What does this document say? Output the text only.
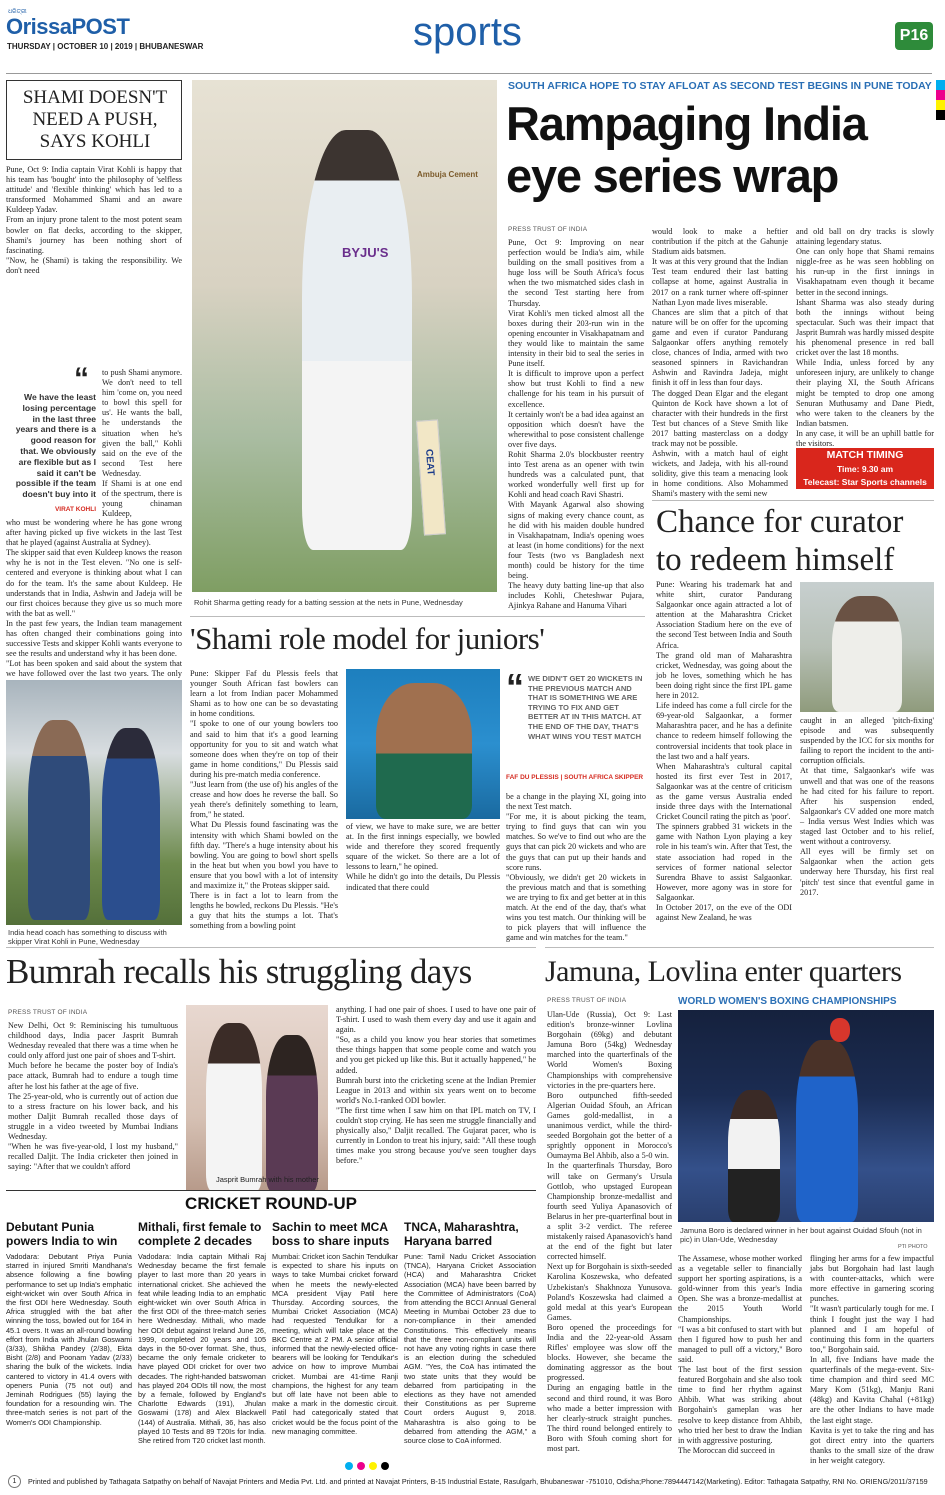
ଧରିତ୍ରୀ
OrissaPOST
THURSDAY | OCTOBER 10 | 2019 | BHUBANESWAR	sports	P16
SHAMI DOESN'T NEED A PUSH, SAYS KOHLI
Pune, Oct 9: India captain Virat Kohli is happy that his team has 'bought' into the philosophy of 'selfless attitude' and 'flexible thinking' which has led to a transformed Mohammed Shami and an aware Kuldeep Yadav.
From an injury prone talent to the most potent seam bowler on flat decks, according to the skipper, Shami's journey has been nothing short of fascinating.
"Now, he (Shami) is taking the responsibility. We don't need
“
We have the least losing percentage in the last three years and there is a good reason for that. We obviously are flexible but as I said it can't be possible if the team doesn't buy into it
VIRAT KOHLI
to push Shami anymore. We don't need to tell him 'come on, you need to bowl this spell for us'. He wants the ball, he understands the situation when he's given the ball," Kohli said on the eve of the second Test here Wednesday.
If Shami is at one end of the spectrum, there is young chinaman Kuldeep,
who must be wondering where he has gone wrong after having picked up five wickets in the last Test that he played (against Australia at Sydney).
The skipper said that even Kuldeep knows the reason why he is not in the Test eleven. "No one is self-centered and everyone is thinking about what I can do for the team. It's the same about Kuldeep. He understands that in India, Ashwin and Jadeja will be our first choices because they give us so much more with the bat as well."
In the past few years, the Indian team management has often changed their combinations going into successive Tests and skipper Kohli wants everyone to see the results and understand why it has been done.
"Lot has been spoken and said about the system that we have followed over the last two years. The only
India head coach has something to discuss with skipper Virat Kohli in Pune, Wednesday
Ambuja Cement
BYJU'S
CEAT
Rohit Sharma getting ready for a batting session at the nets in Pune, Wednesday
SOUTH AFRICA HOPE TO STAY AFLOAT AS SECOND TEST BEGINS IN PUNE TODAY
Rampaging India
eye series wrap
PRESS TRUST OF INDIA
Pune, Oct 9: Improving on near perfection would be India's aim, while building on the small positives from a huge loss will be South Africa's focus when the two mismatched sides clash in the second Test starting here from Thursday.
Virat Kohli's men ticked almost all the boxes during their 203-run win in the opening encounter in Visakhapatnam and they would like to maintain the same intensity in their bid to seal the series in Pune itself.
It is difficult to improve upon a perfect show but trust Kohli to find a new challenge for his team in his pursuit of excellence.
It certainly won't be a bad idea against an opposition which doesn't have the wherewithal to pose consistent challenge over five days.
Rohit Sharma 2.0's blockbuster reentry into Test arena as an opener with twin hundreds was a calculated punt, that worked wonderfully well first up for Kohli and head coach Ravi Shastri.
With Mayank Agarwal also showing signs of making every chance count, as he did with his maiden double hundred in Visakhapatnam, India's opening woes at least (in home conditions) for the next four Tests (two vs Bangladesh next month) could be history for the time being.
The heavy duty batting line-up that also includes Kohli, Cheteshwar Pujara, Ajinkya Rahane and Hanuma Vihari
would look to make a heftier contribution if the pitch at the Gahunje Stadium aids batsmen.
It was at this very ground that the Indian Test team endured their last batting collapse at home, against Australia in 2017 on a rank turner where off-spinner Nathan Lyon made lives miserable.
Chances are slim that a pitch of that nature will be on offer for the upcoming game and even if curator Pandurang Salgaonkar offers anything remotely close, chances of India, armed with two seasoned spinners in Ravichandran Ashwin and Ravindra Jadeja, might finish it off in less than four days.
The dogged Dean Elgar and the elegant Quinton de Kock have shown a lot of character with their hundreds in the first Test but chances of a Steve Smith like 2017 batting masterclass on a dodgy track may not be possible.
Ashwin, with a match haul of eight wickets, and Jadeja, with his all-round solidity, give this team a menacing look in home conditions. Also Mohammed Shami's mastery with the semi new
and old ball on dry tracks is slowly attaining legendary status.
One can only hope that Shami remains niggle-free as he was seen hobbling on his run-up in the first innings in Visakhapatnam even though it became better in the second innings.
Ishant Sharma was also steady during both the innings without being spectacular. Such was their impact that Jasprit Bumrah was hardly missed despite his phenomenal presence in red ball cricket over the last 18 months.
While India, unless forced by any unforeseen injury, are unlikely to change their playing XI, the South Africans might be tempted to drop one among Senuran Muthusamy and Dane Piedt, who were taken to the cleaners by the Indian batsmen.
In any case, it will be an uphill battle for the visitors.
MATCH TIMING
Time: 9.30 am
Telecast: Star Sports channels
Chance for curator
to redeem himself
Pune: Wearing his trademark hat and white shirt, curator Pandurang Salgaonkar once again attracted a lot of attention at the Maharashtra Cricket Association Stadium here on the eve of the second Test between India and South Africa.
The grand old man of Maharashtra cricket, Wednesday, was going about the job he loves, something which he has been doing right since the first IPL game here in 2012.
Life indeed has come a full circle for the 69-year-old Salgaonkar, a former Maharashtra pacer, and he has a definite chance to redeem himself following the controversial incidents that took place in the last two and a half years.
When Maharashtra's cultural capital hosted its first ever Test in 2017, Salgaonkar was at the centre of criticism as the game versus Australia ended inside three days with the International Cricket Council rating the pitch as 'poor'.
The spinners grabbed 31 wickets in the game with Nathon Lyon playing a key role in his team's win. After that Test, the state association had roped in the services of former national selector Surendra Bhave to assist Salgaonkar. However, more agony was in store for Salgaonkar.
In October 2017, on the eve of the ODI against New Zealand, he was
caught in an alleged 'pitch-fixing' episode and was subsequently suspended by the ICC for six months for failing to report the incident to the anti-corruption officials.
At that time, Salgaonkar's wife was unwell and that was one of the reasons he had cited for his failure to report. After his suspension ended, Salgaonkar's CV added one more match – India versus West Indies which was staged last October and to his relief, went without a controversy.
All eyes will be firmly set on Salgaonkar when the action gets underway here Thursday, his first real 'pitch' test since that eventful game in 2017.
'Shami role model for juniors'
Pune: Skipper Faf du Plessis feels that younger South African fast bowlers can learn a lot from Indian pacer Mohammed Shami as to how one can be so devastating in home conditions.
"I spoke to one of our young bowlers too and said to him that it's a good learning opportunity for you to sit and watch what someone does when they're on top of their game in home conditions," Du Plessis said during his pre-match media conference.
"Just learn from (the use of) his angles of the crease and how does he reverse the ball. So yeah there's definitely something to learn, from," he stated.
What Du Plessis found fascinating was the intensity with which Shami bowled on the fifth day. "There's a huge intensity about his bowling. You are going to bowl short spells in the heat but when you bowl you have to ensure that you bowl with a lot of intensity and maximize it," the Proteas skipper said.
There is in fact a lot to learn from the lengths he bowled, reckons Du Plessis. "He's a guy that hits the stumps a lot. That's something from a bowling point
of view, we have to make sure, we are better at. In the first innings especially, we bowled wide and therefore they scored frequently square of the wicket. So there are a lot of lessons to learn," he opined.
While he didn't go into the details, Du Plessis indicated that there could
“ WE DIDN'T GET 20 WICKETS IN THE PREVIOUS MATCH AND THAT IS SOMETHING WE ARE TRYING TO FIX AND GET BETTER AT IN THIS MATCH. AT THE END OF THE DAY, THAT'S WHAT WINS YOU TEST MATCH
FAF DU PLESSIS | SOUTH AFRICA SKIPPER
be a change in the playing XI, going into the next Test match.
"For me, it is about picking the team, trying to find guys that can win you matches. So we've to find out who are the guys that can pick 20 wickets and who are the guys that can put up their hands and score runs.
"Obviously, we didn't get 20 wickets in the previous match and that is something we are trying to fix and get better at in this match. At the end of the day, that's what wins you test match. Our thinking will be to pick players that will influence the game and win matches for the team."
Bumrah recalls his struggling days
PRESS TRUST OF INDIA
New Delhi, Oct 9: Reminiscing his tumultuous childhood days, India pacer Jasprit Bumrah Wednesday revealed that there was a time when he could only afford just one pair of shoes and T-shirt.
Much before he became the poster boy of India's pace attack, Bumrah had to endure a tough time after he lost his father at the age of five.
The 25-year-old, who is currently out of action due to a stress fracture on his lower back, and his mother Daljit Bumrah recalled those days of struggle in a video tweeted by Mumbai Indians Wednesday.
"When he was five-year-old, I lost my husband," recalled Daljit. The India cricketer then joined in saying: "After that we couldn't afford
Jasprit Bumrah with his mother
anything. I had one pair of shoes. I used to have one pair of T-shirt. I used to wash them every day and use it again and again.
"So, as a child you know you hear stories that sometimes these things happen that some people come and watch you and you get picked up like this. But it actually happened," he added.
Bumrah burst into the cricketing scene at the Indian Premier League in 2013 and within six years went on to become world's No.1-ranked ODI bowler.
"The first time when I saw him on that IPL match on TV, I couldn't stop crying. He has seen me struggle financially and physically also," Daljit recalled. The Gujarat pacer, who is currently in London to treat his injury, said: "All these tough times make you strong because you've seen tougher days before."
CRICKET ROUND-UP
Debutant Punia powers India to win
Vadodara: Debutant Priya Punia starred in injured Smriti Mandhana's absence following a fine bowling performance to set up India's emphatic eight-wicket win over South Africa in the first ODI here Wednesday. South Africa struggled with the bat after winning the toss, bowled out for 164 in 45.1 overs. It was an all-round bowling effort from India with Jhulan Goswami (3/33), Shikha Pandey (2/38), Ekta Bisht (2/8) and Poonam Yadav (2/33) sharing the bulk of the wickets. India cantered to victory in 41.4 overs with openers Punia (75 not out) and Jeminah Rodrigues (55) laying the foundation for a resounding win. The three-match series is not part of the Women's ODI Championship.
Mithali, first female to complete 2 decades
Vadodara: India captain Mithali Raj Wednesday became the first female player to last more than 20 years in international cricket. She achieved the feat while leading India to an emphatic eight-wicket win over South Africa in the first ODI of the three-match series here Wednesday. Mithali, who made her ODI debut against Ireland June 26, 1999, completed 20 years and 105 days in the 50-over format. She, thus, became the only female cricketer to have played ODI cricket for over two decades. The right-handed batswoman has played 204 ODIs till now, the most by a female, followed by England's Charlotte Edwards (191), Jhulan Goswami (178) and Alex Blackwell (144) of Australia. Mithali, 36, has also played 10 Tests and 89 T20Is for India. She retired from T20 cricket last month.
Sachin to meet MCA boss to share inputs
Mumbai: Cricket icon Sachin Tendulkar is expected to share his inputs on ways to take Mumbai cricket forward when he meets the newly-elected MCA president Vijay Patil here Thursday. According sources, the Mumbai Cricket Association (MCA) had requested Tendulkar for a meeting, which will take place at the BKC Centre at 2 PM. A senior official informed that the newly-elected office-bearers will be looking for Tendulkar's advice on how to improve Mumbai cricket. Mumbai are 41-time Ranji champions, the highest for any team but off late have not been able to make a mark in the domestic circuit. Patil had categorically stated that cricket would be the focus point of the new managing committee.
TNCA, Maharashtra, Haryana barred
Pune: Tamil Nadu Cricket Association (TNCA), Haryana Cricket Association (HCA) and Maharashtra Cricket Association (MCA) have been barred by the Committee of Administrators (CoA) from attending the BCCI Annual General Meeting in Mumbai October 23 due to non-compliance in their amended Constitutions. This effectively means that the three non-compliant units will not have any voting rights in case there is an election during the scheduled AGM. "Yes, the CoA has intimated the two state units that they would be debarred from participating in the elections as they have not amended their Constitutions as per Supreme Court orders August 9, 2018. Maharashtra is also going to be debarred from attending the AGM," a source close to CoA informed.
Jamuna, Lovlina enter quarters
PRESS TRUST OF INDIA
Ulan-Ude (Russia), Oct 9: Last edition's bronze-winner Lovlina Borgohain (69kg) and debutant Jamuna Boro (54kg) Wednesday marched into the quarterfinals of the World Women's Boxing Championships with comprehensive victories in the pre-quarters here.
Boro outpunched fifth-seeded Algerian Ouidad Sfouh, an African Games gold-medallist, in a unanimous verdict, while the third-seeded Borgohain got the better of a sprightly opponent in Morocco's Oumayma Bel Ahbib, also a 5-0 win.
In the quarterfinals Thursday, Boro will take on Germany's Ursula Gottlob, who upstaged European Championship bronze-medallist and fourth seed Yuliya Apanasovich of Belarus in her pre-quarterfinal bout in a split 3-2 verdict. The referee mistakenly raised Apanasovich's hand at the end of the fight but later corrected himself.
Next up for Borgohain is sixth-seeded Karolina Koszewska, who defeated Uzbekistan's Shakhnoza Yunusova. Poland's Koszewska had claimed a gold medal at this year's European Games.
Boro opened the proceedings for India and the 22-year-old Assam Rifles' employee was slow off the blocks. However, she became the dominating aggressor as the bout progressed.
During an engaging battle in the second and third round, it was Boro who made a better impression with her clearly-struck straight punches. The third round belonged entirely to Boro with Sfouh coming short for most part.
WORLD WOMEN'S BOXING CHAMPIONSHIPS
Jamuna Boro is declared winner in her bout against Ouidad Sfouh (not in pic) in Ulan-Ude, Wednesday
PTI PHOTO
The Assamese, whose mother worked as a vegetable seller to financially support her sporting aspirations, is a gold-winner from this year's India Open. She was a bronze-medallist at the 2015 Youth World Championships.
"I was a bit confused to start with but then I figured how to push her and managed to pull off a victory," Boro said.
The last bout of the first session featured Borgohain and she also took time to find her rhythm against Ahbib. What was striking about Borgohain's gameplan was her resolve to keep distance from Ahbib, who tried her best to draw the Indian in with aggressive posturing.
The Moroccan did succeed in
flinging her arms for a few impactful jabs but Borgohain had last laugh with counter-attacks, which were more effective in garnering scoring punches.
"It wasn't particularly tough for me. I think I fought just the way I had planned and I am hopeful of continuing this form in the quarters too," Borgohain said.
In all, five Indians have made the quarterfinals of the mega-event. Six-time champion and third seed MC Mary Kom (51kg), Manju Rani (48kg) and Kavita Chahal (+81kg) are the other Indians to have made the last eight stage.
Kavita is yet to take the ring and has got direct entry into the quarters thanks to the small size of the draw in her weight category.
1	Printed and published by Tathagata Satpathy on behalf of Navajat Printers and Media Pvt. Ltd. and printed at Navajat Printers, B-15 Industrial Estate, Rasulgarh, Bhubaneswar -751010, Odisha;Phone:7894447142(Marketing). Editor: Tathagata Satpathy, RNI No. ORIENG/2011/37159
